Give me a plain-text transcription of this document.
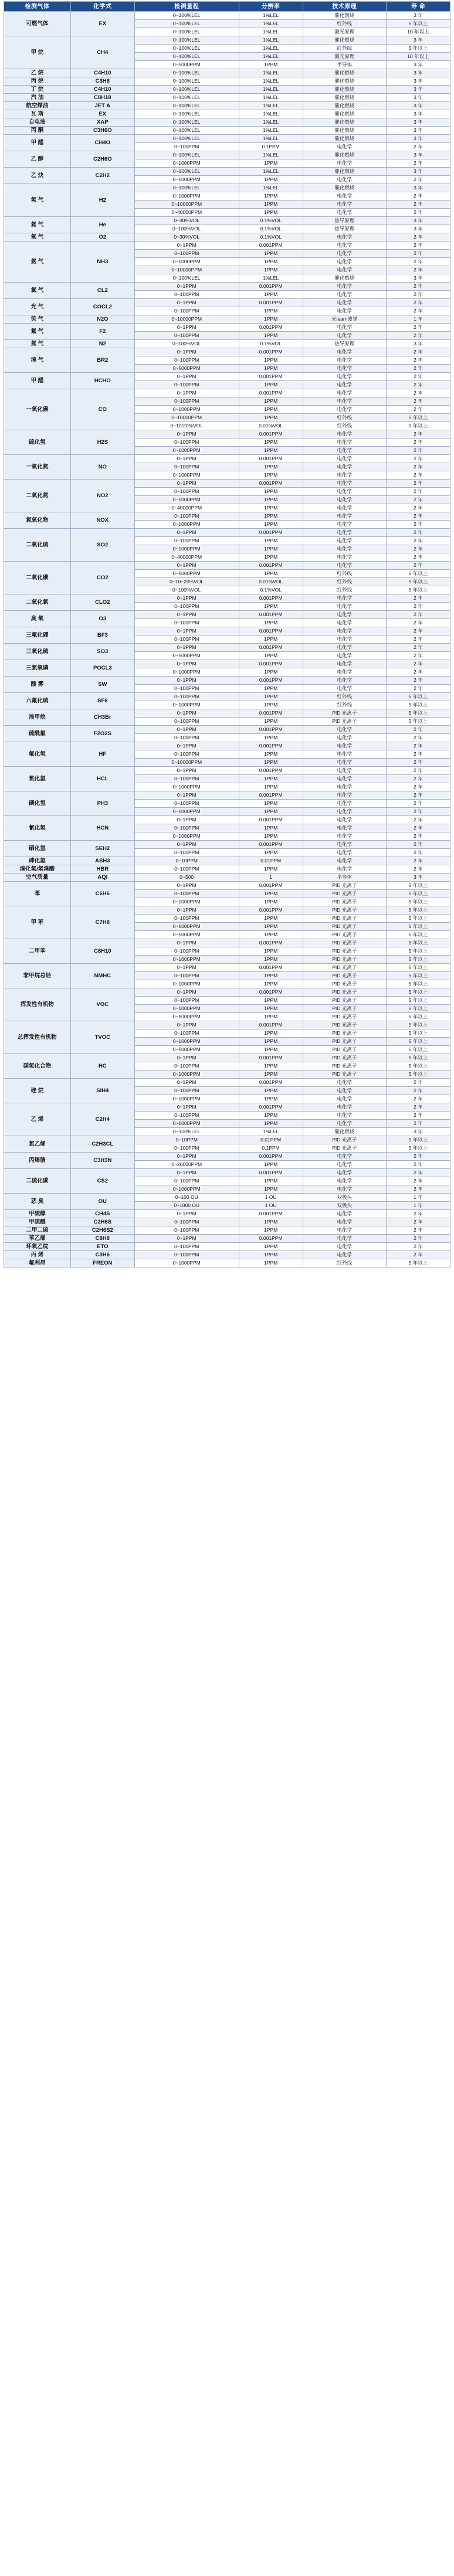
检测气体	化学式	检测量程	分辨率	技术原理	寿 命
可燃气体	EX	0~100%LEL	1%LEL	催化燃烧	3 年
		0~100%LEL	1%LEL	红外线	5 年以上
		0~100%LEL	1%LEL	激光原理	10 年以上
甲 烷	CH4	0~100%LEL	1%LEL	催化燃烧	3 年
		0~100%LEL	1%LEL	红外线	5 年以上
		0~100%LEL	1%LEL	激光原理	10 年以上
		0~5000PPM	1PPM	半导体	3 年
乙 烷	C4H10	0~100%LEL	1%LEL	催化燃烧	3 年
丙 烷	C3H8	0~100%LEL	1%LEL	催化燃烧	3 年
丁 烷	C4H10	0~100%LEL	1%LEL	催化燃烧	3 年
汽 油	C8H18	0~100%LEL	1%LEL	催化燃烧	3 年
航空煤油	JET A	0~100%LEL	1%LEL	催化燃烧	3 年
瓦 斯	EX	0~100%LEL	1%LEL	催化燃烧	3 年
自电油	XAP	0~100%LEL	1%LEL	催化燃烧	3 年
丙 酮	C3H6O	0~100%LEL	1%LEL	催化燃烧	3 年
甲 醛	CH4O	0~100%LEL	1%LEL	催化燃烧	3 年
		0~100PPM	0.1PPM	电化学	2 年
乙 醇	C2H6O	0~100%LEL	1%LEL	催化燃烧	3 年
		0~1000PPM	1PPM	电化学	2 年
乙 炔	C2H2	0~100%LEL	1%LEL	催化燃烧	3 年
		0~1000PPM	1PPM	电化学	2 年
氢 气	H2	0~100%LEL	1%LEL	催化燃烧	3 年
		0~1000PPM	1PPM	电化学	2 年
		0~10000PPM	1PPM	电化学	2 年
		0~40000PPM	1PPM	电化学	2 年
氦 气	He	0~30%VOL	0.1%VOL	热导原理	3 年
		0~100%VOL	0.1%VOL	热导原理	3 年
氧 气	O2	0~30%VOL	0.1%VOL	电化学	2 年
氨 气	NH3	0~1PPM	0.001PPM	电化学	2 年
		0~100PPM	1PPM	电化学	2 年
		0~1000PPM	1PPM	电化学	2 年
		0~10000PPM	1PPM	电化学	2 年
		0~100%LEL	1%LEL	催化燃烧	3 年
氯 气	CL2	0~1PPM	0.001PPM	电化学	2 年
		0~100PPM	1PPM	电化学	2 年
光 气	COCL2	0~1PPM	0.001PPM	电化学	2 年
		0~100PPM	1PPM	电化学	2 年
笑 气	N2O	0~10000PPM	1PPM	光learn波导	1 年
氟 气	F2	0~1PPM	0.001PPM	电化学	2 年
		0~100PPM	1PPM	电化学	2 年
氮 气	N2	0~100%VOL	0.1%VOL	热导原理	3 年
溴 气	BR2	0~1PPM	0.001PPM	电化学	2 年
		0~100PPM	1PPM	电化学	2 年
		0~5000PPM	1PPM	电化学	2 年
甲 醛	HCHO	0~1PPM	0.001PPM	电化学	2 年
		0~100PPM	1PPM	电化学	2 年
一氧化碳	CO	0~1PPM	0.001PPM	电化学	2 年
		0~100PPM	1PPM	电化学	2 年
		0~1000PPM	1PPM	电化学	2 年
		0~10000PPM	1PPM	红外线	5 年以上
		0~10/20%VOL	0.01%VOL	红外线	5 年以上
硫化氢	H2S	0~1PPM	0.001PPM	电化学	2 年
		0~100PPM	1PPM	电化学	2 年
		0~1000PPM	1PPM	电化学	2 年
一氧化氮	NO	0~1PPM	0.001PPM	电化学	2 年
		0~100PPM	1PPM	电化学	2 年
		0~1000PPM	1PPM	电化学	2 年
二氧化氮	NO2	0~1PPM	0.001PPM	电化学	2 年
		0~100PPM	1PPM	电化学	2 年
		0~1000PPM	1PPM	电化学	2 年
		0~40000PPM	1PPM	电化学	2 年
氮氧化物	NOX	0~100PPM	1PPM	电化学	2 年
		0~1000PPM	1PPM	电化学	2 年
二氧化硫	SO2	0~1PPM	0.001PPM	电化学	2 年
		0~100PPM	1PPM	电化学	2 年
		0~1000PPM	1PPM	电化学	2 年
		0~40000PPM	1PPM	电化学	2 年
二氧化碳	CO2	0~1PPM	0.001PPM	电化学	2 年
		0~5000PPM	1PPM	红外线	6 年以上
		0~10~20%VOL	0.01%VOL	红外线	5 年以上
		0~100%VOL	0.1%VOL	红外线	5 年以上
二氧化氯	CLO2	0~1PPM	0.001PPM	电化学	2 年
		0~100PPM	1PPM	电化学	2 年
臭 氧	O3	0~1PPM	0.001PPM	电化学	2 年
		0~100PPM	1PPM	电化学	2 年
三氟化硼	BF3	0~1PPM	0.001PPM	电化学	2 年
		0~100PPM	1PPM	电化学	2 年
三氧化硫	SO3	0~1PPM	0.001PPM	电化学	2 年
		0~5000PPM	1PPM	电化学	2 年
三氯氧磷	POCL3	0~1PPM	0.001PPM	电化学	2 年
		0~1000PPM	1PPM	电化学	2 年
酸 雾	SW	0~1PPM	0.001PPM	电化学	2 年
		0~100PPM	1PPM	电化学	2 年
六氟化硫	SF6	0~100PPM	1PPM	红外线	5 年以上
		0~1000PPM	1PPM	红外线	5 年以上
溴甲烷	CH3Br	0~1PPM	0.001PPM	PID 光离子	5 年以上
		0~100PPM	1PPM	PID 光离子	5 年以上
硫酰氟	F2O2S	0~1PPM	0.001PPM	电化学	2 年
		0~100PPM	1PPM	电化学	2 年
氟化氢	HF	0~1PPM	0.001PPM	电化学	2 年
		0~100PPM	1PPM	电化学	2 年
		0~10000PPM	1PPM	电化学	2 年
氯化氢	HCL	0~1PPM	0.001PPM	电化学	2 年
		0~100PPM	1PPM	电化学	2 年
		0~1000PPM	1PPM	电化学	2 年
磷化氢	PH3	0~1PPM	0.001PPM	电化学	2 年
		0~100PPM	1PPM	电化学	2 年
		0~1000PPM	1PPM	电化学	2 年
氰化氢	HCN	0~1PPM	0.001PPM	电化学	2 年
		0~100PPM	1PPM	电化学	2 年
		0~1000PPM	1PPM	电化学	2 年
硒化氢	SEH2	0~1PPM	0.001PPM	电化学	2 年
		0~100PPM	1PPM	电化学	2 年
砷化氢	ASH3	0~10PPM	0.01PPM	电化学	2 年
溴化氢/氢溴酸	HBR	0~100PPM	1PPM	电化学	2 年
空气质量	AQI	0~500	1	半导体	3 年
苯	C6H6	0~1PPM	0.001PPM	PID 光离子	5 年以上
		0~100PPM	1PPM	PID 光离子	5 年以上
		0~1000PPM	1PPM	PID 光离子	5 年以上
甲 苯	C7H8	0~1PPM	0.001PPM	PID 光离子	5 年以上
		0~100PPM	1PPM	PID 光离子	5 年以上
		0~1000PPM	1PPM	PID 光离子	5 年以上
		0~5000PPM	1PPM	PID 光离子	5 年以上
二甲苯	C8H10	0~1PPM	0.001PPM	PID 光离子	5 年以上
		0~100PPM	1PPM	PID 光离子	5 年以上
		0~1000PPM	1PPM	PID 光离子	5 年以上
非甲烷总烃	NMHC	0~1PPM	0.001PPM	PID 光离子	5 年以上
		0~100PPM	1PPM	PID 光离子	5 年以上
		0~1000PPM	1PPM	PID 光离子	5 年以上
挥发性有机物	VOC	0~1PPM	0.001PPM	PID 光离子	5 年以上
		0~100PPM	1PPM	PID 光离子	5 年以上
		0~1000PPM	1PPM	PID 光离子	5 年以上
		0~5000PPM	1PPM	PID 光离子	5 年以上
总挥发性有机物	TVOC	0~1PPM	0.001PPM	PID 光离子	5 年以上
		0~100PPM	1PPM	PID 光离子	5 年以上
		0~1000PPM	1PPM	PID 光离子	5 年以上
		0~5000PPM	1PPM	PID 光离子	5 年以上
碳氢化合物	HC	0~1PPM	0.001PPM	PID 光离子	5 年以上
		0~100PPM	1PPM	PID 光离子	5 年以上
		0~1000PPM	1PPM	PID 光离子	5 年以上
硅 烷	SIH4	0~1PPM	0.001PPM	电化学	2 年
		0~100PPM	1PPM	电化学	2 年
		0~1000PPM	1PPM	电化学	2 年
乙 烯	C2H4	0~1PPM	0.001PPM	电化学	2 年
		0~100PPM	1PPM	电化学	2 年
		0~1000PPM	1PPM	电化学	2 年
		0~100%LEL	1%LEL	催化燃烧	3 年
氯乙烯	C2H3CL	0~10PPM	0.01PPM	PID 光离子	5 年以上
		0~100PPM	0.1PPM	PID 光离子	5 年以上
丙烯腈	C3H3N	0~1PPM	0.001PPM	电化学	2 年
		0~20000PPM	1PPM	电化学	2 年
二硫化碳	CS2	0~1PPM	0.001PPM	电化学	2 年
		0~100PPM	1PPM	电化学	2 年
		0~1000PPM	1PPM	电化学	2 年
恶 臭	OU	0~100 OU	1 OU	双极头	1 年
		0~1000 OU	1 OU	双极头	1 年
甲硫醇	CH4S	0~1PPM	0.001PPM	电化学	2 年
甲硫醚	C2H6S	0~100PPM	1PPM	电化学	2 年
二甲二硫	C2H6S2	0~100PPM	1PPM	电化学	2 年
苯乙烯	C8H8	0~1PPM	0.001PPM	电化学	2 年
环氧乙烷	ETO	0~100PPM	1PPM	电化学	2 年
丙 烯	C3H6	0~100PPM	1PPM	电化学	2 年
氟利昂	FREON	0~1000PPM	1PPM	红外线	5 年以上
